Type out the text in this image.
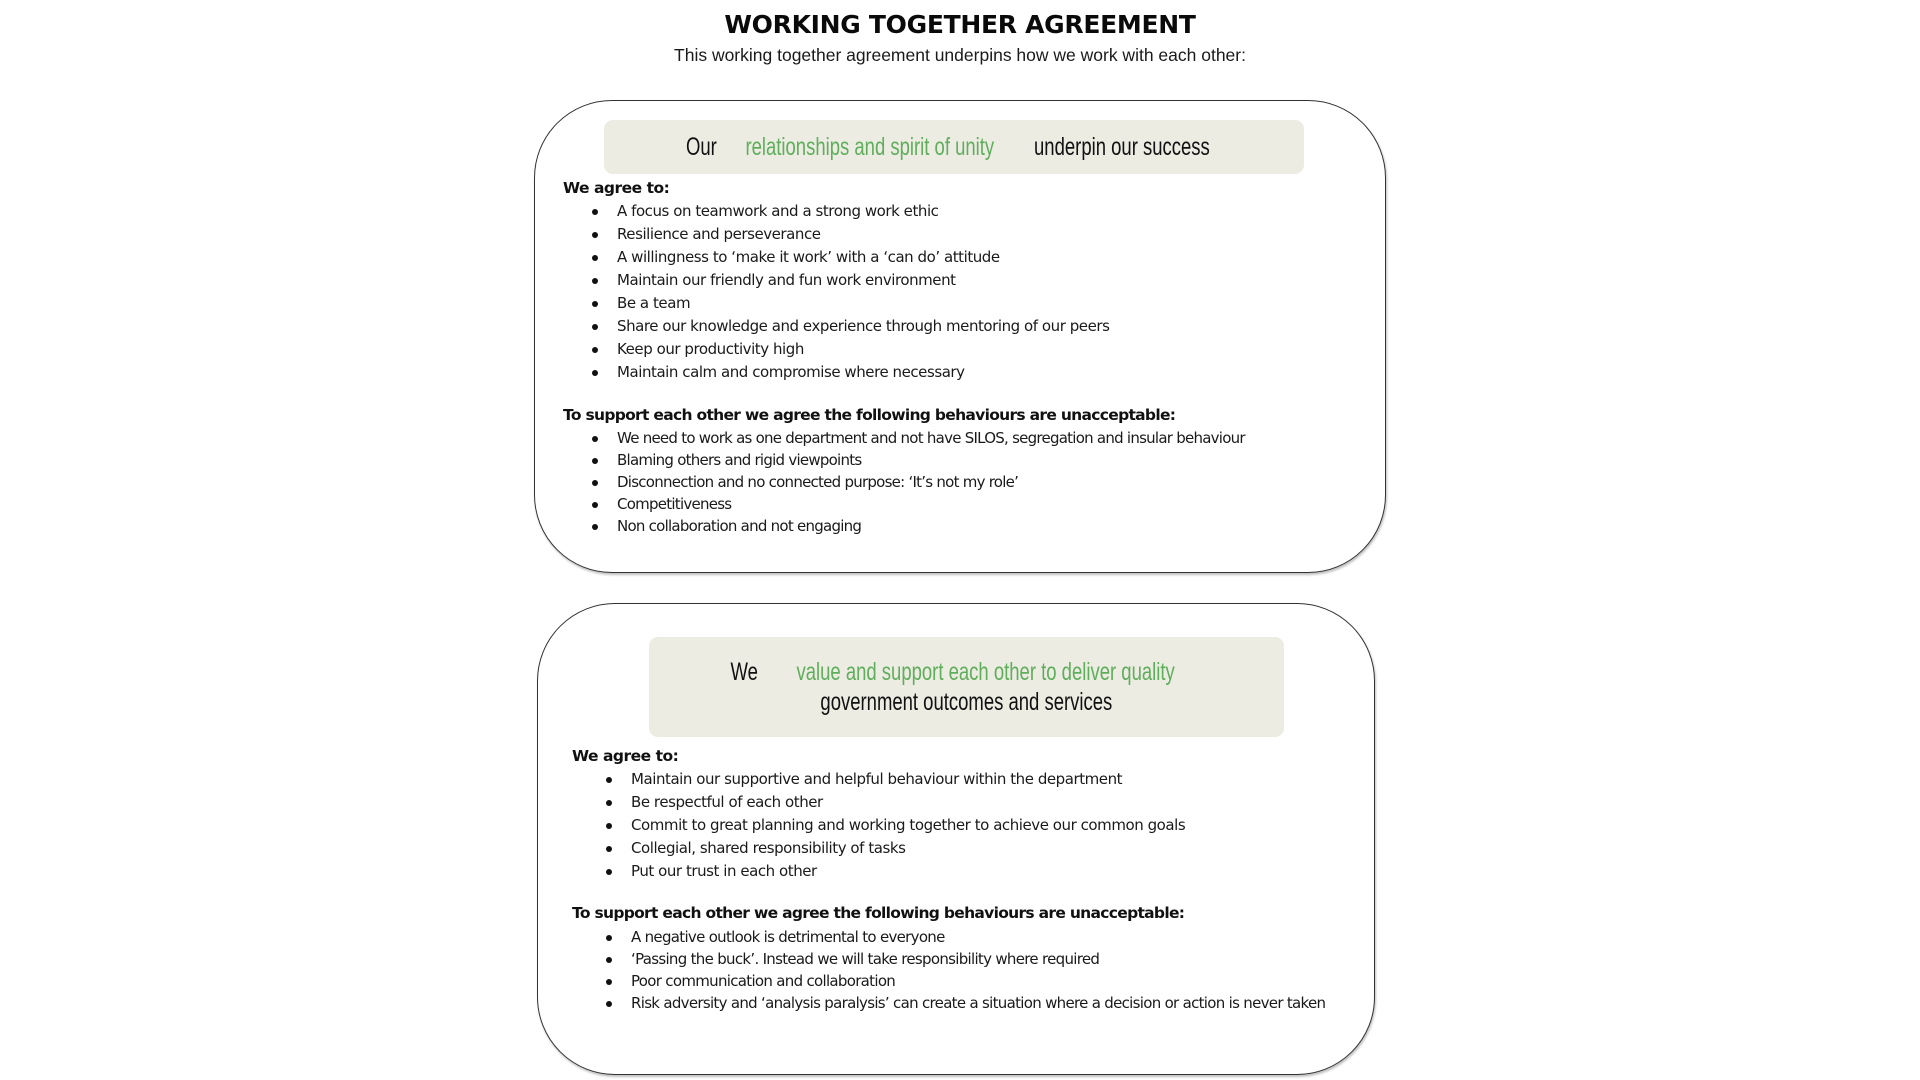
WORKING TOGETHER AGREEMENT
This working together agreement underpins how we work with each other:
Our relationships and spirit of unity underpin our success
We agree to:
A focus on teamwork and a strong work ethic
Resilience and perseverance
A willingness to ‘make it work’ with a ‘can do’ attitude
Maintain our friendly and fun work environment
Be a team
Share our knowledge and experience through mentoring of our peers
Keep our productivity high
Maintain calm and compromise where necessary
To support each other we agree the following behaviours are unacceptable:
We need to work as one department and not have SILOS, segregation and insular behaviour
Blaming others and rigid viewpoints
Disconnection and no connected purpose: ‘It’s not my role’
Competitiveness
Non collaboration and not engaging
We value and support each other to deliver quality
government outcomes and services
We agree to:
Maintain our supportive and helpful behaviour within the department
Be respectful of each other
Commit to great planning and working together to achieve our common goals
Collegial, shared responsibility of tasks
Put our trust in each other
To support each other we agree the following behaviours are unacceptable:
A negative outlook is detrimental to everyone
‘Passing the buck’. Instead we will take responsibility where required
Poor communication and collaboration
Risk adversity and ‘analysis paralysis’ can create a situation where a decision or action is never taken
